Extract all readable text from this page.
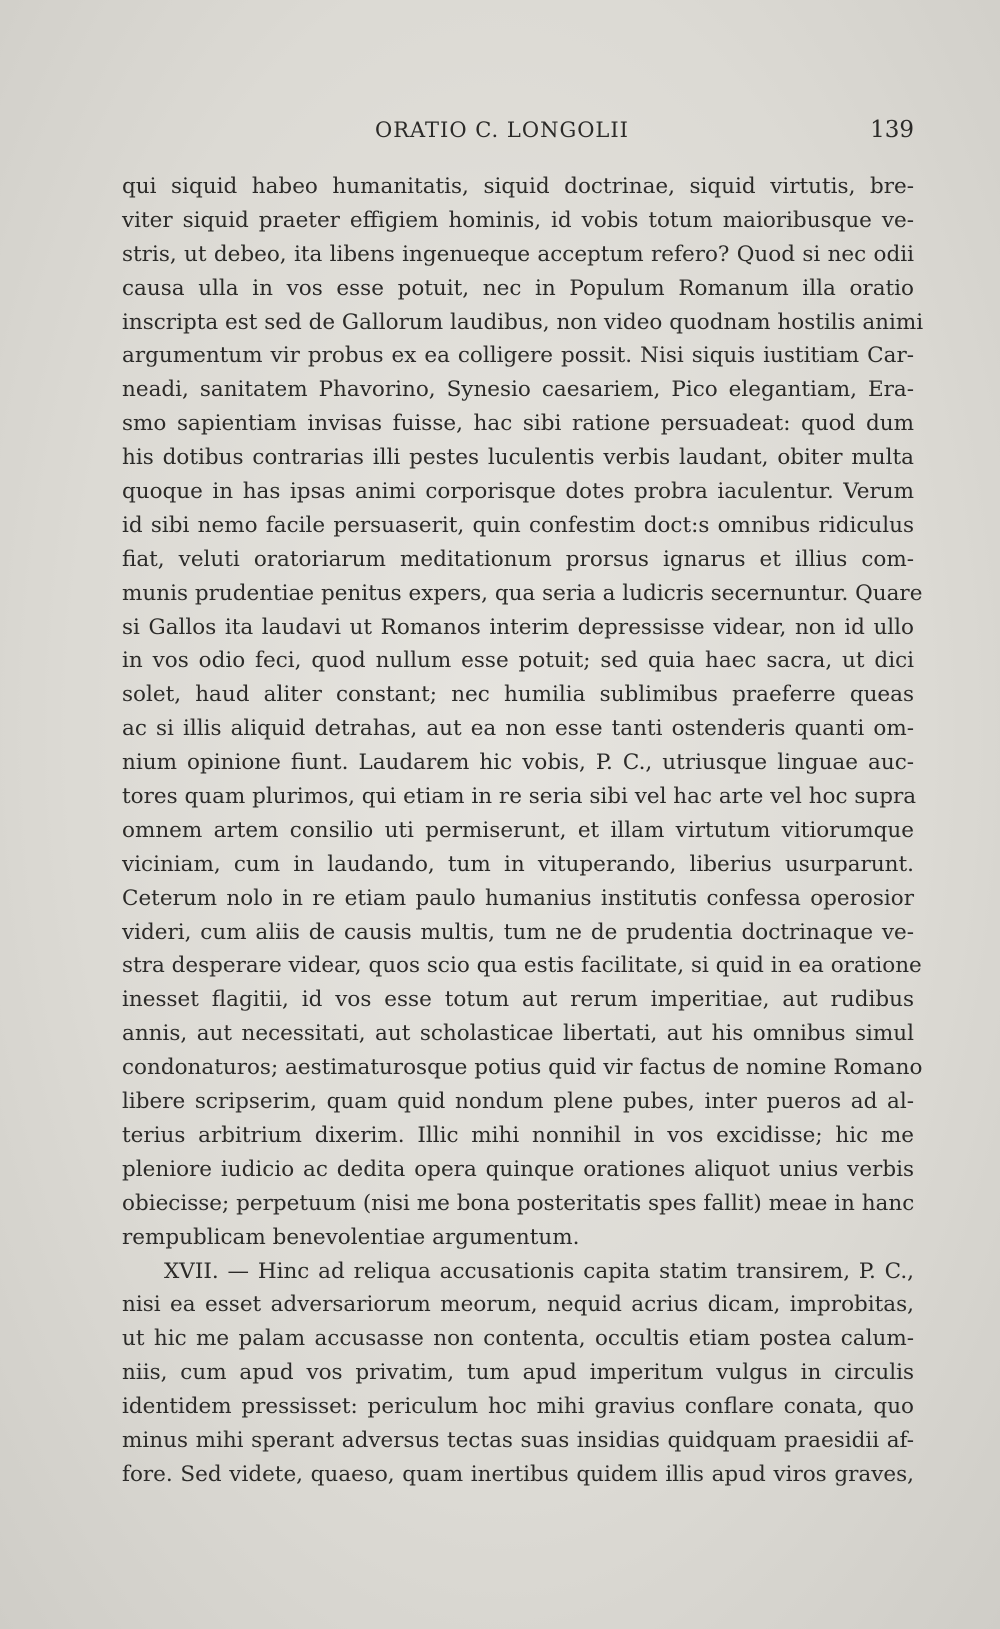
ORATIO C. LONGOLII	139
qui siquid habeo humanitatis, siquid doctrinae, siquid virtutis, bre-
viter siquid praeter effigiem hominis, id vobis totum maioribusque ve-
stris, ut debeo, ita libens ingenueque acceptum refero? Quod si nec odii
causa ulla in vos esse potuit, nec in Populum Romanum illa oratio
inscripta est sed de Gallorum laudibus, non video quodnam hostilis animi
argumentum vir probus ex ea colligere possit. Nisi siquis iustitiam Car-
neadi, sanitatem Phavorino, Synesio caesariem, Pico elegantiam, Era-
smo sapientiam invisas fuisse, hac sibi ratione persuadeat: quod dum
his dotibus contrarias illi pestes luculentis verbis laudant, obiter multa
quoque in has ipsas animi corporisque dotes probra iaculentur. Verum
id sibi nemo facile persuaserit, quin confestim doct:s omnibus ridiculus
fiat, veluti oratoriarum meditationum prorsus ignarus et illius com-
munis prudentiae penitus expers, qua seria a ludicris secernuntur. Quare
si Gallos ita laudavi ut Romanos interim depressisse videar, non id ullo
in vos odio feci, quod nullum esse potuit; sed quia haec sacra, ut dici
solet, haud aliter constant; nec humilia sublimibus praeferre queas
ac si illis aliquid detrahas, aut ea non esse tanti ostenderis quanti om-
nium opinione fiunt. Laudarem hic vobis, P. C., utriusque linguae auc-
tores quam plurimos, qui etiam in re seria sibi vel hac arte vel hoc supra
omnem artem consilio uti permiserunt, et illam virtutum vitiorumque
viciniam, cum in laudando, tum in vituperando, liberius usurparunt.
Ceterum nolo in re etiam paulo humanius institutis confessa operosior
videri, cum aliis de causis multis, tum ne de prudentia doctrinaque ve-
stra desperare videar, quos scio qua estis facilitate, si quid in ea oratione
inesset flagitii, id vos esse totum aut rerum imperitiae, aut rudibus
annis, aut necessitati, aut scholasticae libertati, aut his omnibus simul
condonaturos; aestimaturosque potius quid vir factus de nomine Romano
libere scripserim, quam quid nondum plene pubes, inter pueros ad al-
terius arbitrium dixerim. Illic mihi nonnihil in vos excidisse; hic me
pleniore iudicio ac dedita opera quinque orationes aliquot unius verbis
obiecisse; perpetuum (nisi me bona posteritatis spes fallit) meae in hanc
rempublicam benevolentiae argumentum.
XVII. — Hinc ad reliqua accusationis capita statim transirem, P. C.,
nisi ea esset adversariorum meorum, nequid acrius dicam, improbitas,
ut hic me palam accusasse non contenta, occultis etiam postea calum-
niis, cum apud vos privatim, tum apud imperitum vulgus in circulis
identidem pressisset: periculum hoc mihi gravius conflare conata, quo
minus mihi sperant adversus tectas suas insidias quidquam praesidii af-
fore. Sed videte, quaeso, quam inertibus quidem illis apud viros graves,
